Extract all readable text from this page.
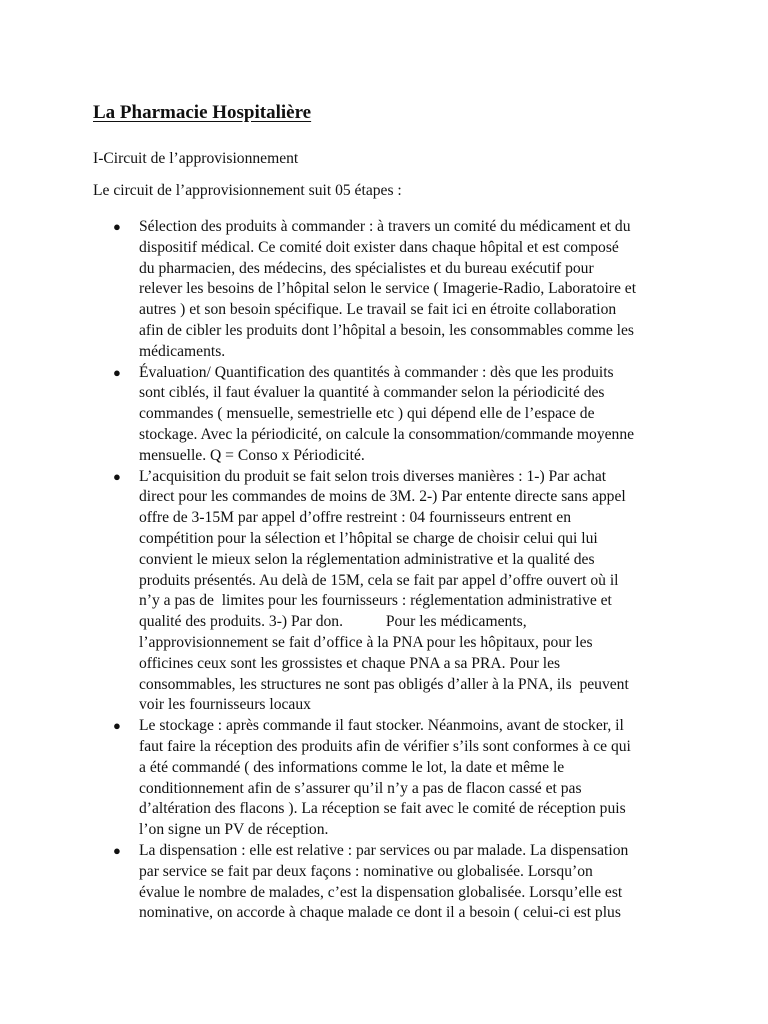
La Pharmacie Hospitalière
I-Circuit de l’approvisionnement
Le circuit de l’approvisionnement suit 05 étapes :
● Sélection des produits à commander : à travers un comité du médicament et du
dispositif médical. Ce comité doit exister dans chaque hôpital et est composé
du pharmacien, des médecins, des spécialistes et du bureau exécutif pour
relever les besoins de l’hôpital selon le service ( Imagerie-Radio, Laboratoire et
autres ) et son besoin spécifique. Le travail se fait ici en étroite collaboration
afin de cibler les produits dont l’hôpital a besoin, les consommables comme les
médicaments.
● Évaluation/ Quantification des quantités à commander : dès que les produits
sont ciblés, il faut évaluer la quantité à commander selon la périodicité des
commandes ( mensuelle, semestrielle etc ) qui dépend elle de l’espace de
stockage. Avec la périodicité, on calcule la consommation/commande moyenne
mensuelle. Q = Conso x Périodicité.
● L’acquisition du produit se fait selon trois diverses manières : 1-) Par achat
direct pour les commandes de moins de 3M. 2-) Par entente directe sans appel
offre de 3-15M par appel d’offre restreint : 04 fournisseurs entrent en
compétition pour la sélection et l’hôpital se charge de choisir celui qui lui
convient le mieux selon la réglementation administrative et la qualité des
produits présentés. Au delà de 15M, cela se fait par appel d’offre ouvert où il
n’y a pas de  limites pour les fournisseurs : réglementation administrative et
qualité des produits. 3-) Par don.           Pour les médicaments,
l’approvisionnement se fait d’office à la PNA pour les hôpitaux, pour les
officines ceux sont les grossistes et chaque PNA a sa PRA. Pour les
consommables, les structures ne sont pas obligés d’aller à la PNA, ils  peuvent
voir les fournisseurs locaux
● Le stockage : après commande il faut stocker. Néanmoins, avant de stocker, il
faut faire la réception des produits afin de vérifier s’ils sont conformes à ce qui
a été commandé ( des informations comme le lot, la date et même le
conditionnement afin de s’assurer qu’il n’y a pas de flacon cassé et pas
d’altération des flacons ). La réception se fait avec le comité de réception puis
l’on signe un PV de réception.
● La dispensation : elle est relative : par services ou par malade. La dispensation
par service se fait par deux façons : nominative ou globalisée. Lorsqu’on
évalue le nombre de malades, c’est la dispensation globalisée. Lorsqu’elle est
nominative, on accorde à chaque malade ce dont il a besoin ( celui-ci est plus
